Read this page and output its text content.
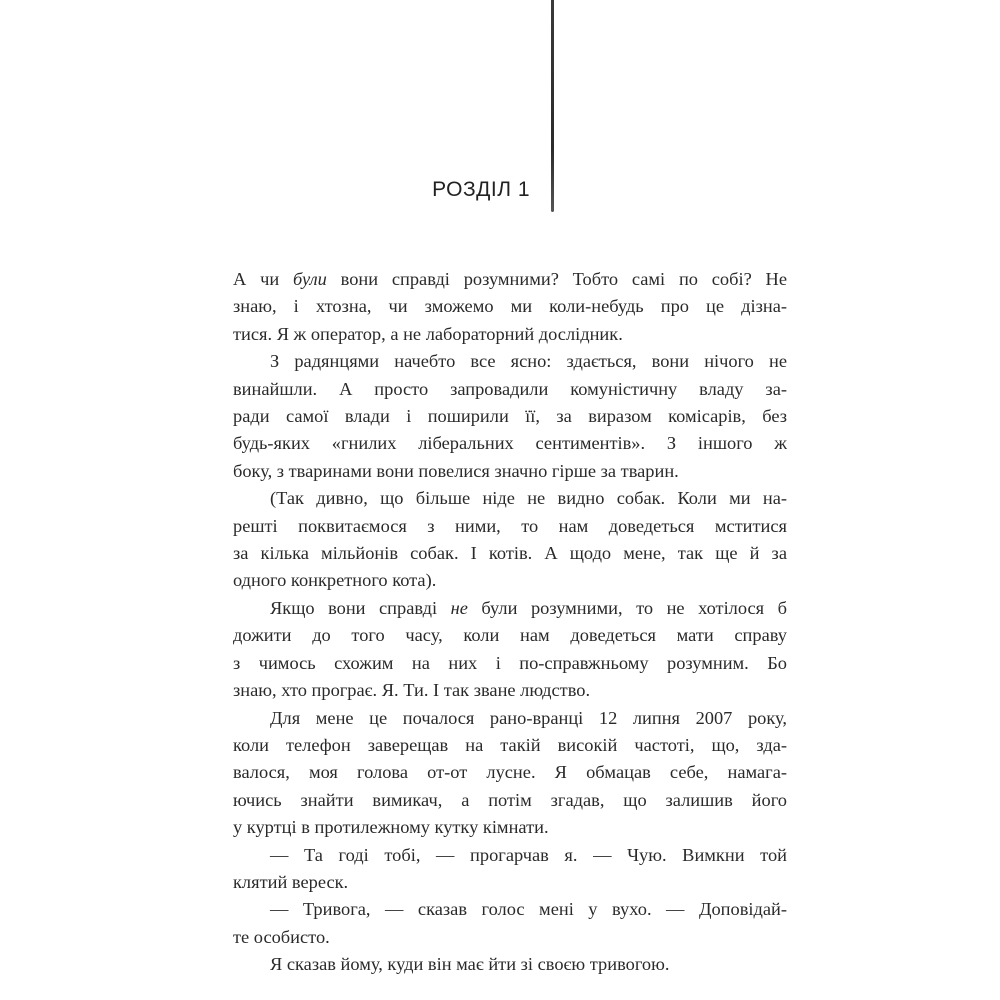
РОЗДІЛ 1

А чи були вони справді розумними? Тобто самі по собі? Не
знаю, і хтозна, чи зможемо ми коли-небудь про це дізна-
тися. Я ж оператор, а не лабораторний дослідник.

З радянцями начебто все ясно: здається, вони нічого не
винайшли. А просто запровадили комуністичну владу за-
ради самої влади і поширили її, за виразом комісарів, без
будь-яких «гнилих ліберальних сентиментів». З іншого ж
боку, з тваринами вони повелися значно гірше за тварин.

(Так дивно, що більше ніде не видно собак. Коли ми на-
решті поквитаємося з ними, то нам доведеться мститися
за кілька мільйонів собак. І котів. А щодо мене, так ще й за
одного конкретного кота).

Якщо вони справді не були розумними, то не хотілося б
дожити до того часу, коли нам доведеться мати справу
з чимось схожим на них і по-справжньому розумним. Бо
знаю, хто програє. Я. Ти. І так зване людство.

Для мене це почалося рано-вранці 12 липня 2007 року,
коли телефон заверещав на такій високій частоті, що, зда-
валося, моя голова от-от лусне. Я обмацав себе, намага-
ючись знайти вимикач, а потім згадав, що залишив його
у куртці в протилежному кутку кімнати.

— Та годі тобі, — прогарчав я. — Чую. Вимкни той
клятий вереск.

— Тривога, — сказав голос мені у вухо. — Доповідай-
те особисто.

Я сказав йому, куди він має йти зі своєю тривогою.
